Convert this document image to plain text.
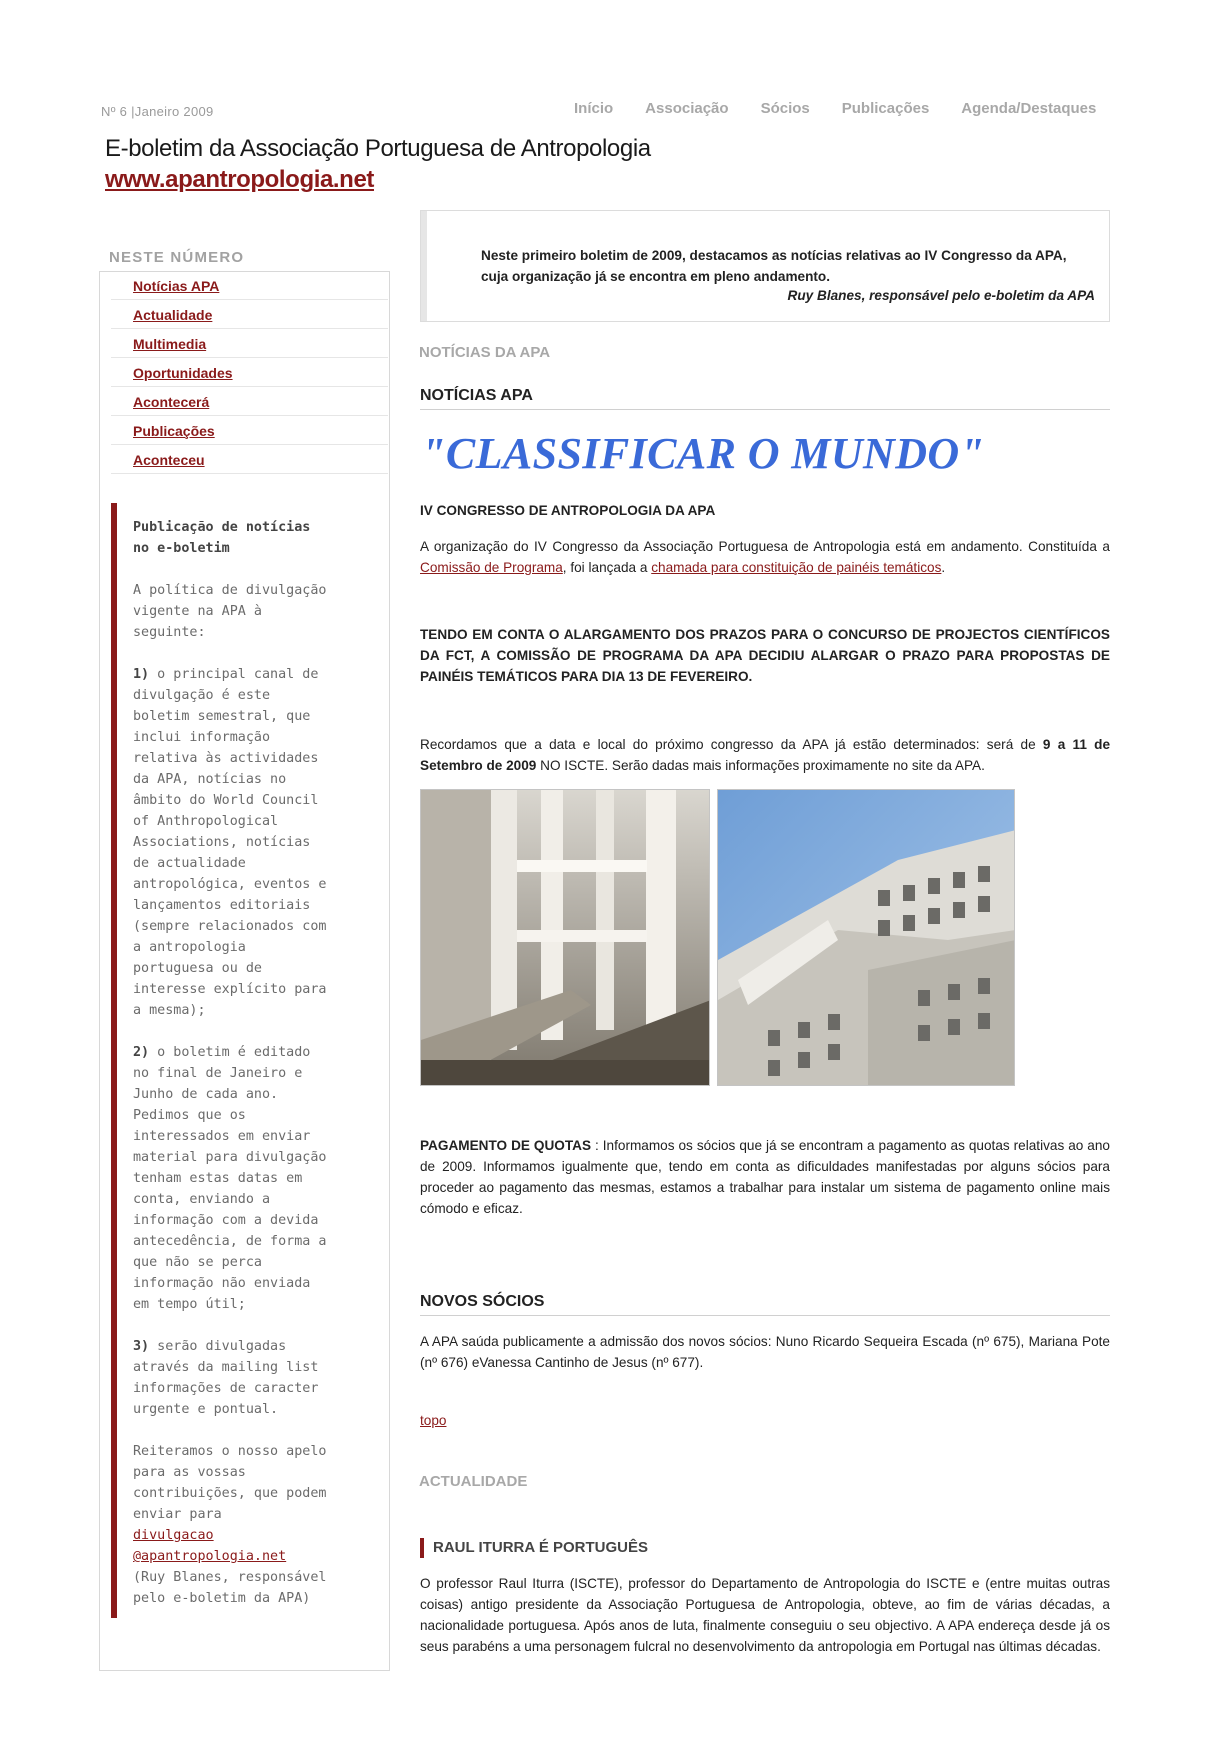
Nº 6 |Janeiro 2009	Início Associação Sócios Publicações Agenda/Destaques
E-boletim da Associação Portuguesa de Antropologia
www.apantropologia.net
NESTE NÚMERO
Notícias APA
Actualidade
Multimedia
Oportunidades
Acontecerá
Publicações
Aconteceu
Publicação de notícias
no e-boletim

A política de divulgação
vigente na APA à
seguinte:

1) o principal canal de
divulgação é este
boletim semestral, que
inclui informação
relativa às actividades
da APA, notícias no
âmbito do World Council
of Anthropological
Associations, notícias
de actualidade
antropológica, eventos e
lançamentos editoriais
(sempre relacionados com
a antropologia
portuguesa ou de
interesse explícito para
a mesma);

2) o boletim é editado
no final de Janeiro e
Junho de cada ano.
Pedimos que os
interessados em enviar
material para divulgação
tenham estas datas em
conta, enviando a
informação com a devida
antecedência, de forma a
que não se perca
informação não enviada
em tempo útil;

3) serão divulgadas
através da mailing list
informações de caracter
urgente e pontual.

Reiteramos o nosso apelo
para as vossas
contribuições, que podem
enviar para
divulgacao
@apantropologia.net
(Ruy Blanes, responsável
pelo e-boletim da APA)
Neste primeiro boletim de 2009, destacamos as notícias relativas ao IV Congresso da APA, cuja organização já se encontra em pleno andamento.
Ruy Blanes, responsável pelo e-boletim da APA
NOTÍCIAS DA APA
NOTÍCIAS APA
"CLASSIFICAR O MUNDO"
IV CONGRESSO DE ANTROPOLOGIA DA APA
A organização do IV Congresso da Associação Portuguesa de Antropologia está em andamento. Constituída a Comissão de Programa, foi lançada a chamada para constituição de painéis temáticos.
TENDO EM CONTA O ALARGAMENTO DOS PRAZOS PARA O CONCURSO DE PROJECTOS CIENTÍFICOS DA FCT, A COMISSÃO DE PROGRAMA DA APA DECIDIU ALARGAR O PRAZO PARA PROPOSTAS DE PAINÉIS TEMÁTICOS PARA DIA 13 DE FEVEREIRO.
Recordamos que a data e local do próximo congresso da APA já estão determinados: será de 9 a 11 de Setembro de 2009 NO ISCTE. Serão dadas mais informações proximamente no site da APA.
PAGAMENTO DE QUOTAS : Informamos os sócios que já se encontram a pagamento as quotas relativas ao ano de 2009. Informamos igualmente que, tendo em conta as dificuldades manifestadas por alguns sócios para proceder ao pagamento das mesmas, estamos a trabalhar para instalar um sistema de pagamento online mais cómodo e eficaz.
NOVOS SÓCIOS
A APA saúda publicamente a admissão dos novos sócios: Nuno Ricardo Sequeira Escada (nº 675), Mariana Pote (nº 676) eVanessa Cantinho de Jesus (nº 677).
topo
ACTUALIDADE
RAUL ITURRA É PORTUGUÊS
O professor Raul Iturra (ISCTE), professor do Departamento de Antropologia do ISCTE e (entre muitas outras coisas) antigo presidente da Associação Portuguesa de Antropologia, obteve, ao fim de várias décadas, a nacionalidade portuguesa. Após anos de luta, finalmente conseguiu o seu objectivo. A APA endereça desde já os seus parabéns a uma personagem fulcral no desenvolvimento da antropologia em Portugal nas últimas décadas.
